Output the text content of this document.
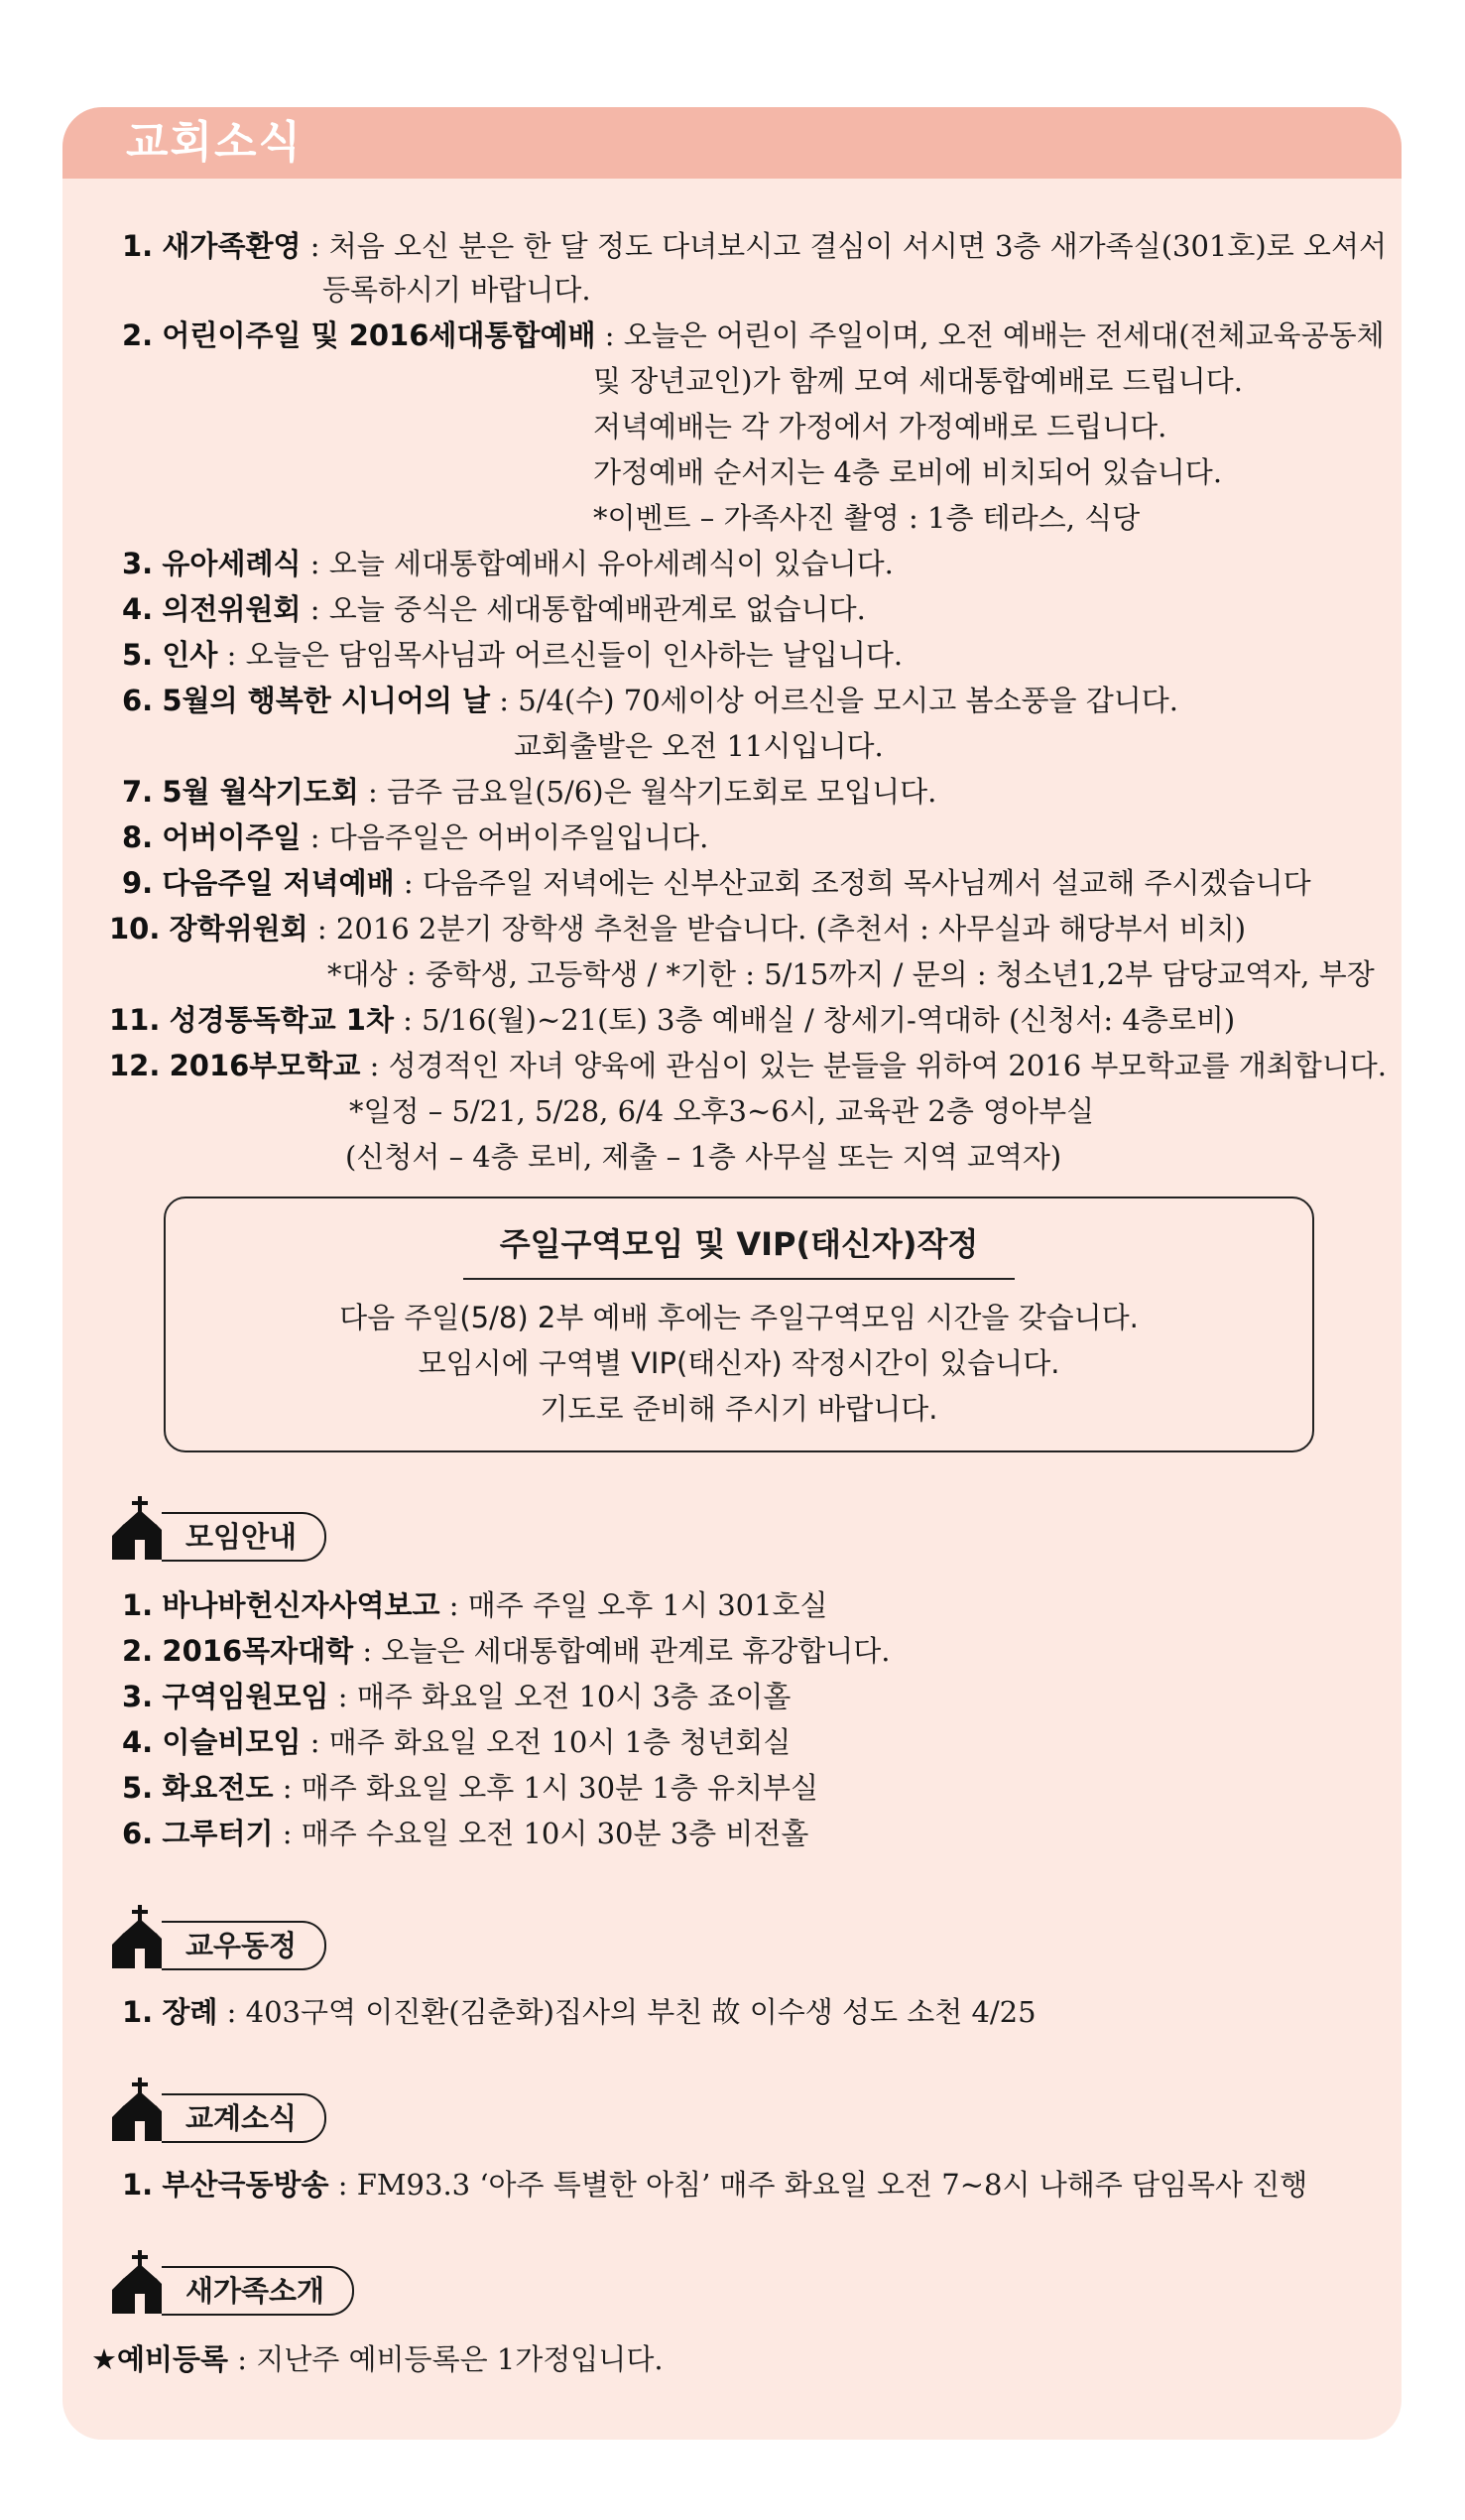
교회소식
1. 새가족환영 : 처음 오신 분은 한 달 정도 다녀보시고 결심이 서시면 3층 새가족실(301호)로 오셔서
등록하시기 바랍니다.
2. 어린이주일 및 2016세대통합예배 : 오늘은 어린이 주일이며, 오전 예배는 전세대(전체교육공동체
및 장년교인)가 함께 모여 세대통합예배로 드립니다.
저녁예배는 각 가정에서 가정예배로 드립니다.
가정예배 순서지는 4층 로비에 비치되어 있습니다.
*이벤트 – 가족사진 촬영 : 1층 테라스, 식당
3. 유아세례식 : 오늘 세대통합예배시 유아세례식이 있습니다.
4. 의전위원회 : 오늘 중식은 세대통합예배관계로 없습니다.
5. 인사 : 오늘은 담임목사님과 어르신들이 인사하는 날입니다.
6. 5월의 행복한 시니어의 날 : 5/4(수) 70세이상 어르신을 모시고 봄소풍을 갑니다.
교회출발은 오전 11시입니다.
7. 5월 월삭기도회 : 금주 금요일(5/6)은 월삭기도회로 모입니다.
8. 어버이주일 : 다음주일은 어버이주일입니다.
9. 다음주일 저녁예배 : 다음주일 저녁에는 신부산교회 조정희 목사님께서 설교해 주시겠습니다
10. 장학위원회 : 2016 2분기 장학생 추천을 받습니다. (추천서 : 사무실과 해당부서 비치)
*대상 : 중학생, 고등학생 / *기한 : 5/15까지 / 문의 : 청소년1,2부 담당교역자, 부장
11. 성경통독학교 1차 : 5/16(월)~21(토) 3층 예배실 / 창세기-역대하 (신청서: 4층로비)
12. 2016부모학교 : 성경적인 자녀 양육에 관심이 있는 분들을 위하여 2016 부모학교를 개최합니다.
*일정 – 5/21, 5/28, 6/4 오후3~6시, 교육관 2층 영아부실
(신청서 – 4층 로비, 제출 – 1층 사무실 또는 지역 교역자)
주일구역모임 및 VIP(태신자)작정
다음 주일(5/8) 2부 예배 후에는 주일구역모임 시간을 갖습니다.
모임시에 구역별 VIP(태신자) 작정시간이 있습니다.
기도로 준비해 주시기 바랍니다.
모임안내
1. 바나바헌신자사역보고 : 매주 주일 오후 1시 301호실
2. 2016목자대학 : 오늘은 세대통합예배 관계로 휴강합니다.
3. 구역임원모임 : 매주 화요일 오전 10시 3층 죠이홀
4. 이슬비모임 : 매주 화요일 오전 10시 1층 청년회실
5. 화요전도 : 매주 화요일 오후 1시 30분 1층 유치부실
6. 그루터기 : 매주 수요일 오전 10시 30분 3층 비전홀
교우동정
1. 장례 : 403구역 이진환(김춘화)집사의 부친 故 이수생 성도 소천 4/25
교계소식
1. 부산극동방송 : FM93.3 ‘아주 특별한 아침’ 매주 화요일 오전 7~8시 나해주 담임목사 진행
새가족소개
★예비등록 : 지난주 예비등록은 1가정입니다.
